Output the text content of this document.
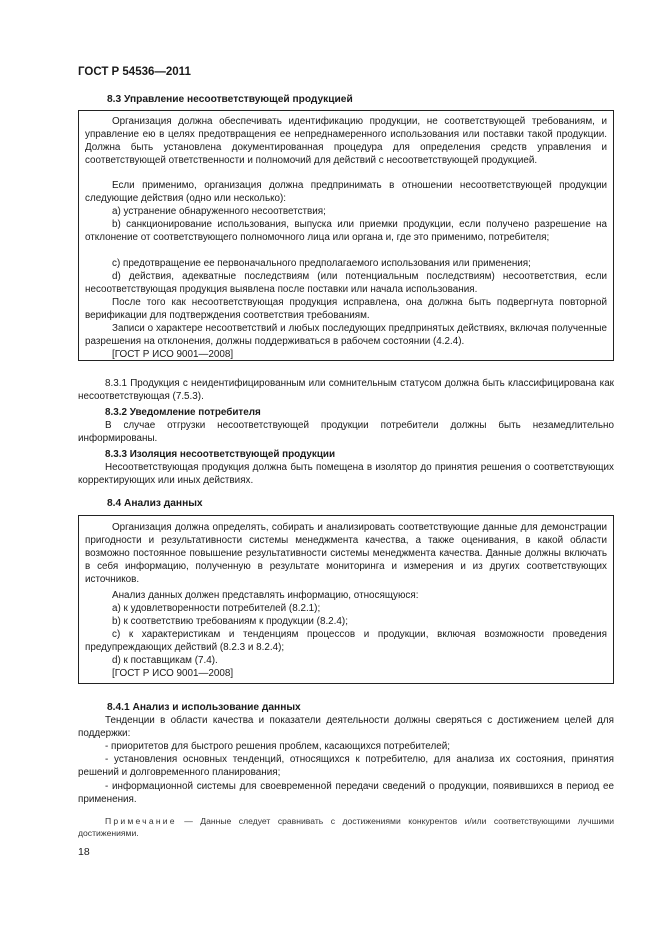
ГОСТ Р 54536—2011
8.3 Управление несоответствующей продукцией

Организация должна обеспечивать идентификацию продукции, не соответствующей требованиям, и управление ею в целях предотвращения ее непреднамеренного использования или поставки такой продукции. Должна быть установлена документированная процедура для определения средств управления и соответствующей ответственности и полномочий для действий с несоответствующей продукцией.

Если применимо, организация должна предпринимать в отношении несоответствующей продукции следующие действия (одно или несколько):

а) устранение обнаруженного несоответствия;

b) санкционирование использования, выпуска или приемки продукции, если получено разрешение на отклонение от соответствующего полномочного лица или органа и, где это применимо, потребителя;

с) предотвращение ее первоначального предполагаемого использования или применения;

d) действия, адекватные последствиям (или потенциальным последствиям) несоответствия, если несоответствующая продукция выявлена после поставки или начала использования.

После того как несоответствующая продукция исправлена, она должна быть подвергнута повторной верификации для подтверждения соответствия требованиям.

Записи о характере несоответствий и любых последующих предпринятых действиях, включая полученные разрешения на отклонения, должны поддерживаться в рабочем состоянии (4.2.4).

[ГОСТ Р ИСО 9001—2008]

8.3.1 Продукция с неидентифицированным или сомнительным статусом должна быть классифицирована как несоответствующая (7.5.3).

8.3.2 Уведомление потребителя

В случае отгрузки несоответствующей продукции потребители должны быть незамедлительно информированы.

8.3.3 Изоляция несоответствующей продукции

Несоответствующая продукция должна быть помещена в изолятор до принятия решения о соответствующих корректирующих или иных действиях.

8.4 Анализ данных

Организация должна определять, собирать и анализировать соответствующие данные для демонстрации пригодности и результативности системы менеджмента качества, а также оценивания, в какой области возможно постоянное повышение результативности системы менеджмента качества. Данные должны включать в себя информацию, полученную в результате мониторинга и измерения и из других соответствующих источников.

Анализ данных должен представлять информацию, относящуюся:

а) к удовлетворенности потребителей (8.2.1);

b) к соответствию требованиям к продукции (8.2.4);

с) к характеристикам и тенденциям процессов и продукции, включая возможности проведения предупреждающих действий (8.2.3 и 8.2.4);

d) к поставщикам (7.4).

[ГОСТ Р ИСО 9001—2008]

8.4.1 Анализ и использование данных

Тенденции в области качества и показатели деятельности должны сверяться с достижением целей для поддержки:

- приоритетов для быстрого решения проблем, касающихся потребителей;

- установления основных тенденций, относящихся к потребителю, для анализа их состояния, принятия решений и долговременного планирования;

- информационной системы для своевременной передачи сведений о продукции, появившихся в период ее применения.

Примечание — Данные следует сравнивать с достижениями конкурентов и/или соответствующими лучшими достижениями.

18
